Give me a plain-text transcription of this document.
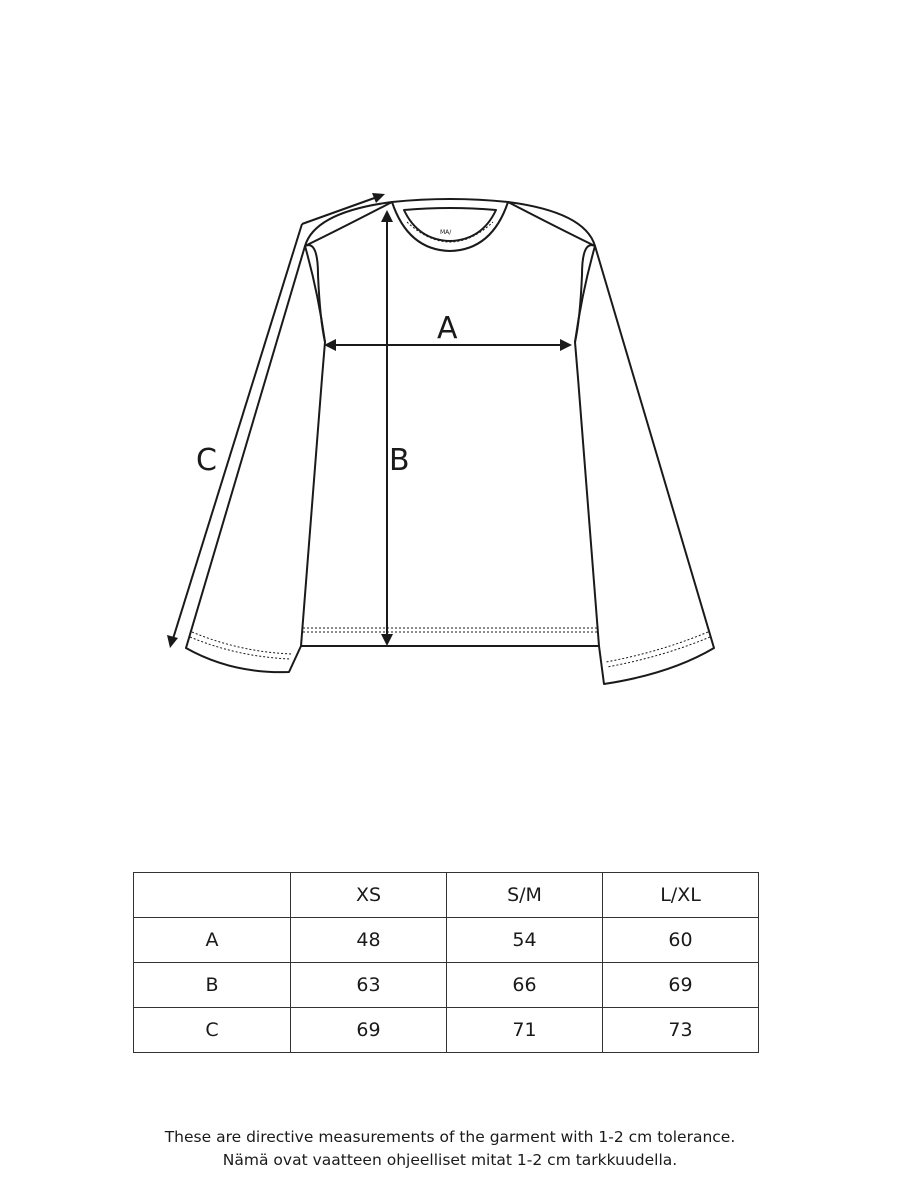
MA/
A
B
C
	XS	S/M	L/XL
A	48	54	60
B	63	66	69
C	69	71	73
These are directive measurements of the garment with 1-2 cm tolerance.
Nämä ovat vaatteen ohjeelliset mitat 1-2 cm tarkkuudella.
